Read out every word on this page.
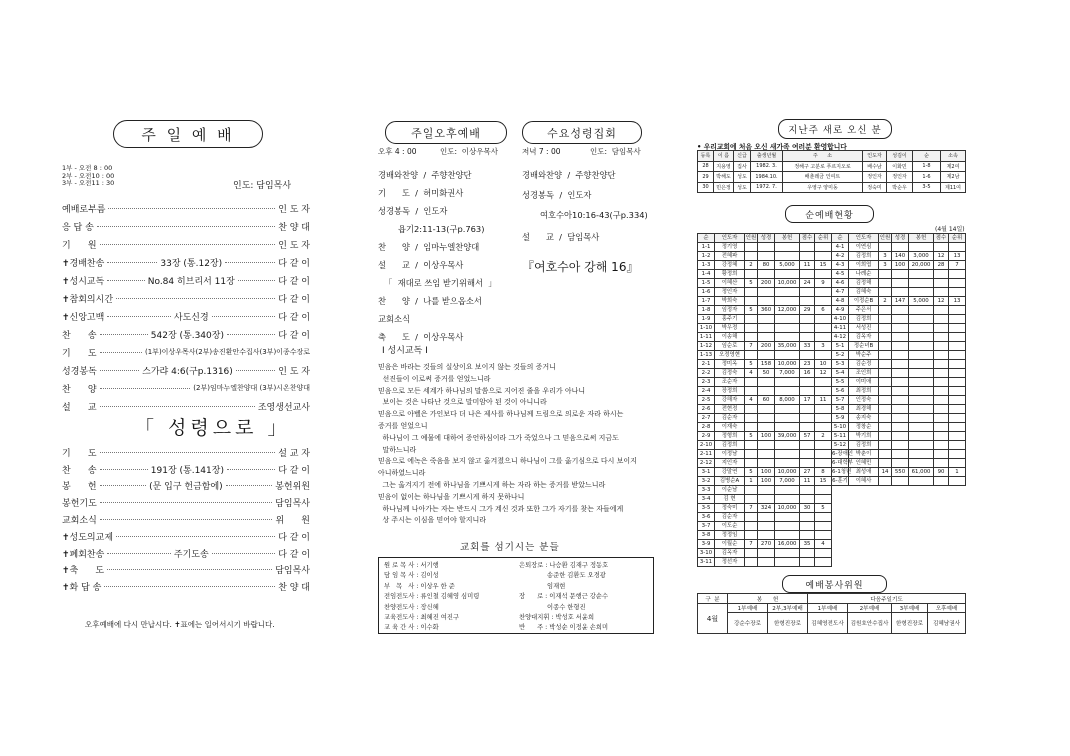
주 일 예 배
1부 - 오전 8 : 00
2부 - 오전10 : 00
3부 - 오전11 : 30	인도: 담임목사
예배로부름	인 도 자
응 답 송	찬 양 대
기      원	인 도 자
✝경배찬송	33장 (통.12장)	다 같 이
✝성시교독	No.84 히브리서 11장	다 같 이
✝참회의시간	다 같 이
✝신앙고백	사도신경	다 같 이
찬      송	542장 (통.340장)	다 같 이
기      도	(1부)이상우목사(2부)송진환안수집사(3부)이종수장로
성경봉독	스가랴 4:6(구p.1316)	인 도 자
찬      양	(2부)임마누엘찬양대 (3부)시온찬양대
설      교	조영생선교사
「 성령으로 」
기      도	설 교 자
찬      송	191장 (통.141장)	다 같 이
봉      헌	(문 입구 헌금함에)	봉헌위원
봉헌기도	담임목사
교회소식	위      원
✝성도의교제	다 같 이
✝폐회찬송	주기도송	다 같 이
✝축      도	담임목사
✝화 답 송	찬 양 대
오후예배에 다시 만납시다. ✝표에는 일어서시기 바랍니다.
주일오후예배	수요성령집회
오후 4 : 00	인도:  이상우목사	저녁 7 : 00	인도:  담임목사
경배와찬양  /  주향찬양단
기      도  /  허미화권사
성경봉독  /  인도자
욥기2:11-13(구p.763)
찬      양  /  임마누엘찬양대
설      교  /  이상우목사
「  재대로 쓰임 받기위해서  」
찬      양  /  나를 받으옵소서
교회소식
축      도  /  이상우목사
경배와찬양  /  주향찬양단
성경봉독  /  인도자
여호수아10:16-43(구p.334)
설      교  /  담임목사
『여호수아 강해 16』
I 성시교독 I
믿음은 바라는 것들의 실상이요 보이지 않는 것들의 증거니
선진들이 이로써 증거를 얻었느니라
믿음으로 모든 세계가 하나님의 말씀으로 지어진 줄을 우리가 아나니
보이는 것은 나타난 것으로 말미암아 된 것이 아니니라
믿음으로 아벨은 가인보다 더 나은 제사를 하나님께 드림으로 의로운 자라 하시는
증거를 얻었으니
하나님이 그 예물에 대하여 증언하심이라 그가 죽었으나 그 믿음으로써 지금도
말하느니라
믿음으로 에녹은 죽음을 보지 않고 옮겨졌으니 하나님이 그를 옮기심으로 다시 보이지
아니하였느니라
그는 옮겨지기 전에 하나님을 기쁘시게 하는 자라 하는 증거를 받았느니라
믿음이 없이는 하나님을 기쁘시게 하지 못하나니
하나님께 나아가는 자는 반드시 그가 계신 것과 또한 그가 자기를 찾는 자들에게
상 주시는 이심을 믿어야 할지니라
교회를 섬기시는 분들
원 로 목 사 : 서기행
담 임 목 사 : 김이성
부   목   사 : 이상우 한 준
전임전도사 : 류인철 김혜영 심미령
찬양전도사 : 장신혜
교육전도사 : 최혜진 여진구
교 육 간 사 : 이수화
은퇴장로 : 나승환 김재구 정동호
송준한 김환도 오경광
임재현
장      로 : 이재석 문행근 강순수
이종수 한형진
찬양대지휘 : 박성호 서윤희
반      주 : 박성순 이정윤 손희미
지난주 새로 오신 분
• 우리교회에 처음 오신 새가족 여러분 환영합니다
등록	이 름	신급	출생년월	주      소	인도자	성김이	순	소속
28	지용영	집사	1982. 3.	정해구 고분로 푸르지오로	배수남	이화민	1-8	제2여
29	박해도	성도	1984.10.	배춘레금 인여트	정인자	정인자	1-6	제2남
30	민은정	성도	1972. 7.	우영구 양미동	정숙미	박순우	3-5	제11여
순예배현황
(4월 14일)
순	인도자	인원	성경	봉헌	점수	순위	순	인도자	인원	성경	봉헌	점수	순위
1-1	정기영						4-1	이연심					
1-2	전혜파						4-2	김정희	3	140	3,000	12	13
1-3	강정혜	2	80	5,000	11	15	4-3	이희엽	3	100	20,000	28	7
1-4	황정희						4-5	나례순					
1-5	이혜산	5	200	10,000	24	9	4-6	김정해					
1-6	정인자						4-7	김혜숙					
1-7	박희숙						4-8	이정순B	2	147	5,000	12	13
1-8	임정자	5	360	12,000	29	6	4-9	주은서					
1-9	홍주기						4-10	김정희					
1-10	박우정						4-11	서성진					
1-11	이송해						4-12	김옥자					
1-12	임순로	7	200	35,000	33	3	5-1	정순녀B					
1-13	오정영현						5-2	박순주					
2-1	정미옥	5	158	10,000	23	10	5-3	김순정					
2-2	김정숙	4	50	7,000	16	12	5-4	조인희					
2-3	조순자						5-5	이미애					
2-4	장정희						5-6	최정희					
2-5	강해자	4	60	8,000	17	11	5-7	인정숙					
2-6	전현정						5-8	최경해					
2-7	김순자						5-9	송지숙					
2-8	이재숙						5-10	정창순					
2-9	정형희	5	100	39,000	57	2	5-11	박기희					
2-10	김정희						5-12	김정희					
2-11	이정남						6-장애인	박춘이					
2-12	지인자						6-대학부	인혜민					
3-1	강말연	5	100	10,000	27	8	6-1청년	최성애	14	550	61,000	90	1
3-2	김병순A	1	100	7,000	11	15	6-훈기	이혜사					
3-3	이순남												
3-4	김 현												
3-5	정숙미	7	324	10,000	30	5							
3-6	김순자												
3-7	이도순												
3-8	정정임												
3-9	이월순	7	270	16,000	35	4							
3-10	김옥자												
3-11	정선자												
예배봉사위원
구  분	봉      헌		다음주일기도			
4월	1부예배	2부,3부예배	1부예배	2부예배	3부예배	오후예배
	강순수장로	한형진장로	김혜영전도사	김원호안수집사	한형진장로	김혜남권사
